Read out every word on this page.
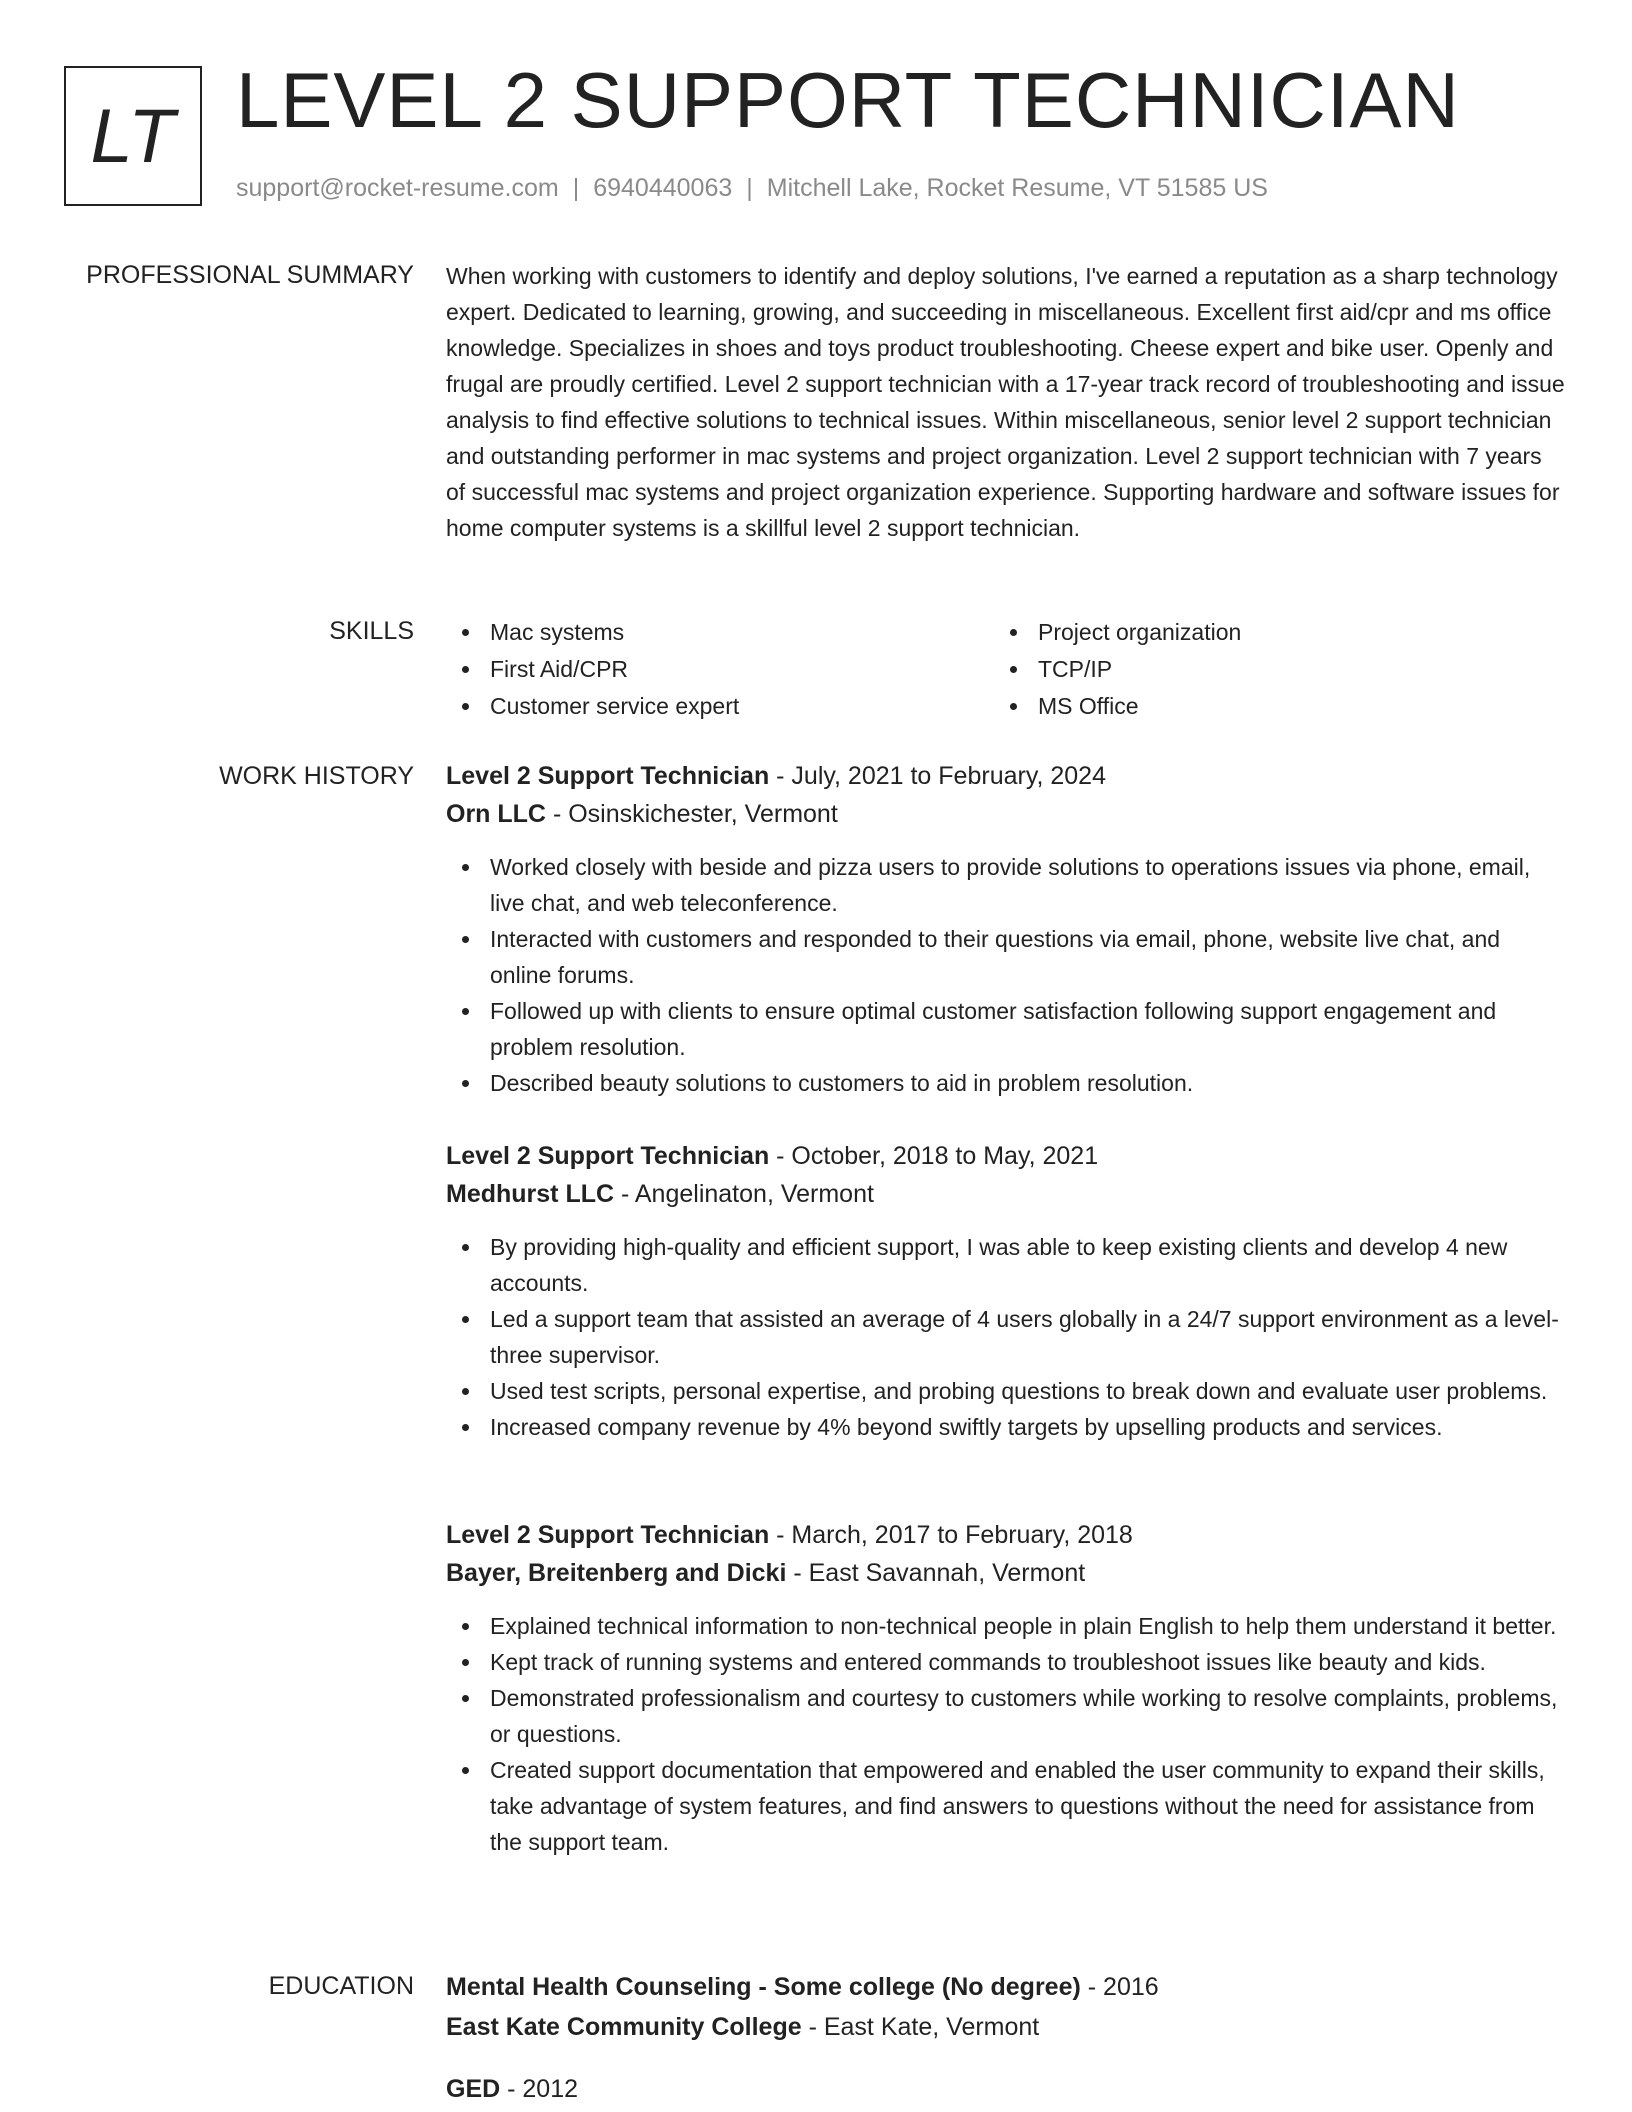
LT LEVEL 2 SUPPORT TECHNICIAN
support@rocket-resume.com | 6940440063 | Mitchell Lake, Rocket Resume, VT 51585 US
PROFESSIONAL SUMMARY When working with customers to identify and deploy solutions, I've earned a reputation as a sharp technology expert. Dedicated to learning, growing, and succeeding in miscellaneous. Excellent first aid/cpr and ms office knowledge. Specializes in shoes and toys product troubleshooting. Cheese expert and bike user. Openly and frugal are proudly certified. Level 2 support technician with a 17-year track record of troubleshooting and issue analysis to find effective solutions to technical issues. Within miscellaneous, senior level 2 support technician and outstanding performer in mac systems and project organization. Level 2 support technician with 7 years of successful mac systems and project organization experience. Supporting hardware and software issues for home computer systems is a skillful level 2 support technician.

SKILLS	Mac systems
First Aid/CPR
Customer service expert
Project organization
TCP/IP
MS Office
WORK HISTORY Level 2 Support Technician - July, 2021 to February, 2024
Orn LLC - Osinskichester, Vermont
Worked closely with beside and pizza users to provide solutions to operations issues via phone, email, live chat, and web teleconference.
Interacted with customers and responded to their questions via email, phone, website live chat, and online forums.
Followed up with clients to ensure optimal customer satisfaction following support engagement and problem resolution.
Described beauty solutions to customers to aid in problem resolution.
Level 2 Support Technician - October, 2018 to May, 2021
Medhurst LLC - Angelinaton, Vermont
By providing high-quality and efficient support, I was able to keep existing clients and develop 4 new accounts.
Led a support team that assisted an average of 4 users globally in a 24/7 support environment as a level-three supervisor.
Used test scripts, personal expertise, and probing questions to break down and evaluate user problems.
Increased company revenue by 4% beyond swiftly targets by upselling products and services.
Level 2 Support Technician - March, 2017 to February, 2018
Bayer, Breitenberg and Dicki - East Savannah, Vermont
Explained technical information to non-technical people in plain English to help them understand it better.
Kept track of running systems and entered commands to troubleshoot issues like beauty and kids.
Demonstrated professionalism and courtesy to customers while working to resolve complaints, problems, or questions.
Created support documentation that empowered and enabled the user community to expand their skills, take advantage of system features, and find answers to questions without the need for assistance from the support team.
EDUCATION Mental Health Counseling - Some college (No degree) - 2016
East Kate Community College - East Kate, Vermont
GED - 2012
